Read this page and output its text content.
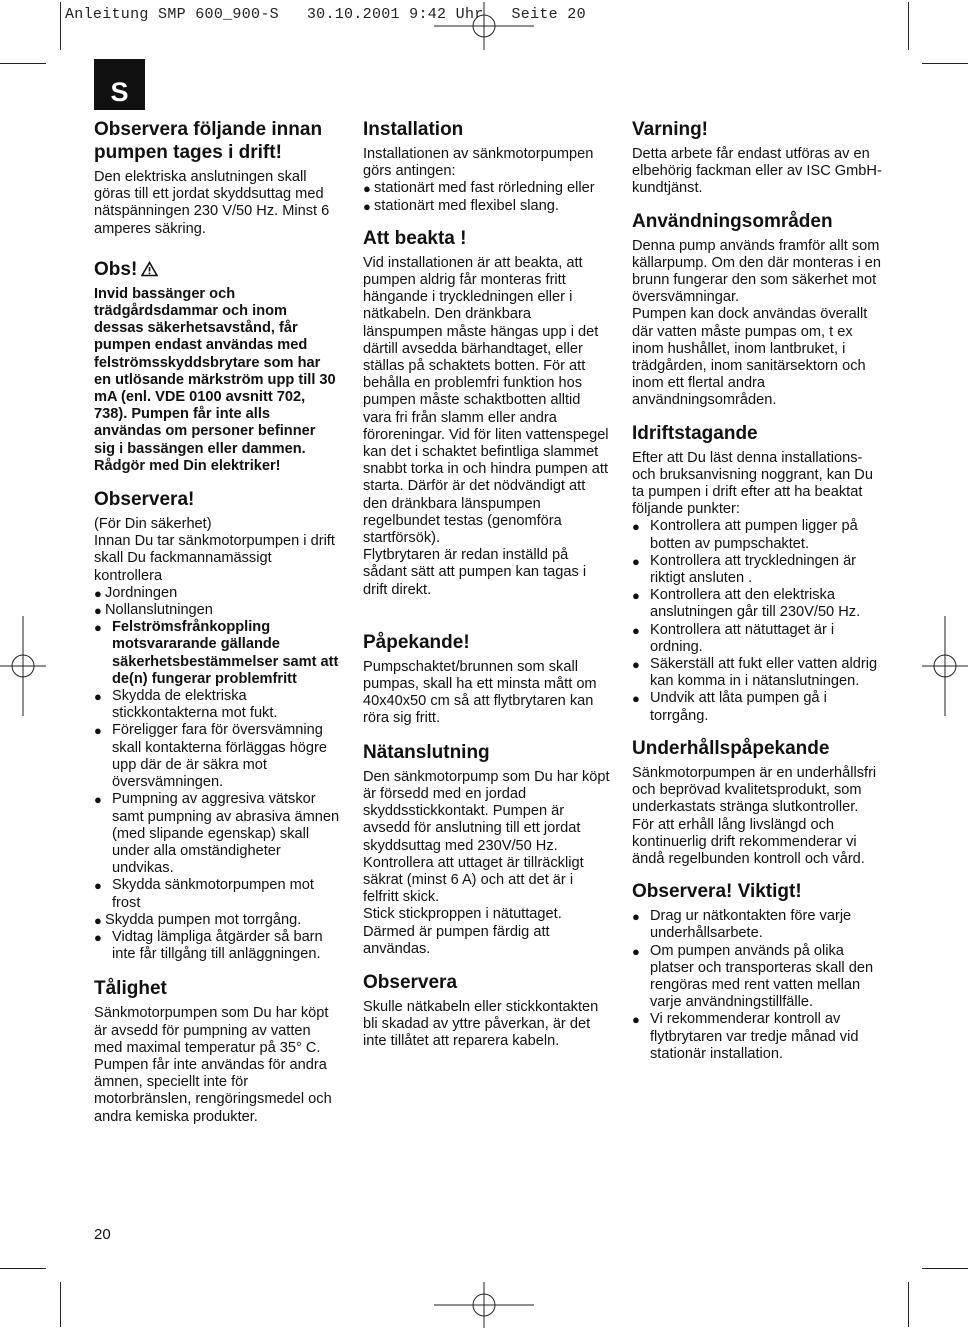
Anleitung SMP 600_900-S   30.10.2001 9:42 Uhr   Seite 20
S
Observera följande innan pumpen tages i drift!

Den elektriska anslutningen skall göras till ett jordat skyddsuttag med nätspänningen 230 V/50 Hz. Minst 6 amperes säkring.

Obs!

Invid bassänger och trädgårdsdammar och inom dessas säkerhetsavstånd, får pumpen endast användas med felströmsskyddsbrytare som har en utlösande märkström upp till 30 mA (enl. VDE 0100 avsnitt 702, 738). Pumpen får inte alls användas om personer befinner sig i bassängen eller dammen.

Rådgör med Din elektriker!

Observera!

(För Din säkerhet)

Innan Du tar sänkmotorpumpen i drift skall Du fackmannamässigt kontrollera

● Jordningen

● Nollanslutningen

● Felströmsfrånkoppling motsvararande gällande säkerhetsbestämmelser samt att de(n) fungerar problemfritt

● Skydda de elektriska stickkontakterna mot fukt.

● Föreligger fara för översvämning skall kontakterna förläggas högre upp där de är säkra mot översvämningen.

● Pumpning av aggresiva vätskor samt pumpning av abrasiva ämnen (med slipande egenskap) skall under alla omständigheter undvikas.

● Skydda sänkmotorpumpen mot frost

● Skydda pumpen mot torrgång.

● Vidtag lämpliga åtgärder så barn inte får tillgång till anläggningen.

Tålighet

Sänkmotorpumpen som Du har köpt är avsedd för pumpning av vatten med maximal temperatur på 35° C.

Pumpen får inte användas för andra ämnen, speciellt inte för motorbränslen, rengöringsmedel och andra kemiska produkter.

Installation

Installationen av sänkmotorpumpen görs antingen:

● stationärt med fast rörledning eller

● stationärt med flexibel slang.

Att beakta !

Vid installationen är att beakta, att pumpen aldrig får monteras fritt hängande i tryckledningen eller i nätkabeln. Den dränkbara länspumpen måste hängas upp i det därtill avsedda bärhandtaget, eller ställas på schaktets botten. För att behålla en problemfri funktion hos pumpen måste schaktbotten alltid vara fri från slamm eller andra föroreningar. Vid för liten vattenspegel kan det i schaktet befintliga slammet snabbt torka in och hindra pumpen att starta. Därför är det nödvändigt att den dränkbara länspumpen regelbundet testas (genomföra startförsök).

Flytbrytaren är redan inställd på sådant sätt att pumpen kan tagas i drift direkt.

Påpekande!

Pumpschaktet/brunnen som skall pumpas, skall ha ett minsta mått om 40x40x50 cm så att flytbrytaren kan röra sig fritt.

Nätanslutning

Den sänkmotorpump som Du har köpt är försedd med en jordad skyddsstickkontakt. Pumpen är avsedd för anslutning till ett jordat skyddsuttag med 230V/50 Hz. Kontrollera att uttaget är tillräckligt säkrat (minst 6 A) och att det är i felfritt skick.

Stick stickproppen i nätuttaget. Därmed är pumpen färdig att användas.

Observera

Skulle nätkabeln eller stickkontakten bli skadad av yttre påverkan, är det inte tillåtet att reparera kabeln.

Varning!

Detta arbete får endast utföras av en elbehörig fackman eller av ISC GmbH-kundtjänst.

Användningsområden

Denna pump används framför allt som källarpump. Om den där monteras i en brunn fungerar den som säkerhet mot översvämningar.

Pumpen kan dock användas överallt där vatten måste pumpas om, t ex inom hushållet, inom lantbruket, i trädgården, inom sanitärsektorn och inom ett flertal andra användningsområden.

Idriftstagande

Efter att Du läst denna installations- och bruksanvisning noggrant, kan Du ta pumpen i drift efter att ha beaktat följande punkter:

● Kontrollera att pumpen ligger på botten av pumpschaktet.

● Kontrollera att tryckledningen är riktigt ansluten .

● Kontrollera att den elektriska anslutningen går till 230V/50 Hz.

● Kontrollera att nätuttaget är i ordning.

● Säkerställ att fukt eller vatten aldrig kan komma in i nätanslutningen.

● Undvik att låta pumpen gå i torrgång.

Underhållspåpekande

Sänkmotorpumpen är en underhållsfri och beprövad kvalitetsprodukt, som underkastats stränga slutkontroller.

För att erhåll lång livslängd och kontinuerlig drift rekommenderar vi ändå regelbunden kontroll och vård.

Observera! Viktigt!

● Drag ur nätkontakten före varje underhållsarbete.

● Om pumpen används på olika platser och transporteras skall den rengöras med rent vatten mellan varje användningstillfälle.

● Vi rekommenderar kontroll av flytbrytaren var tredje månad vid stationär installation.

20
